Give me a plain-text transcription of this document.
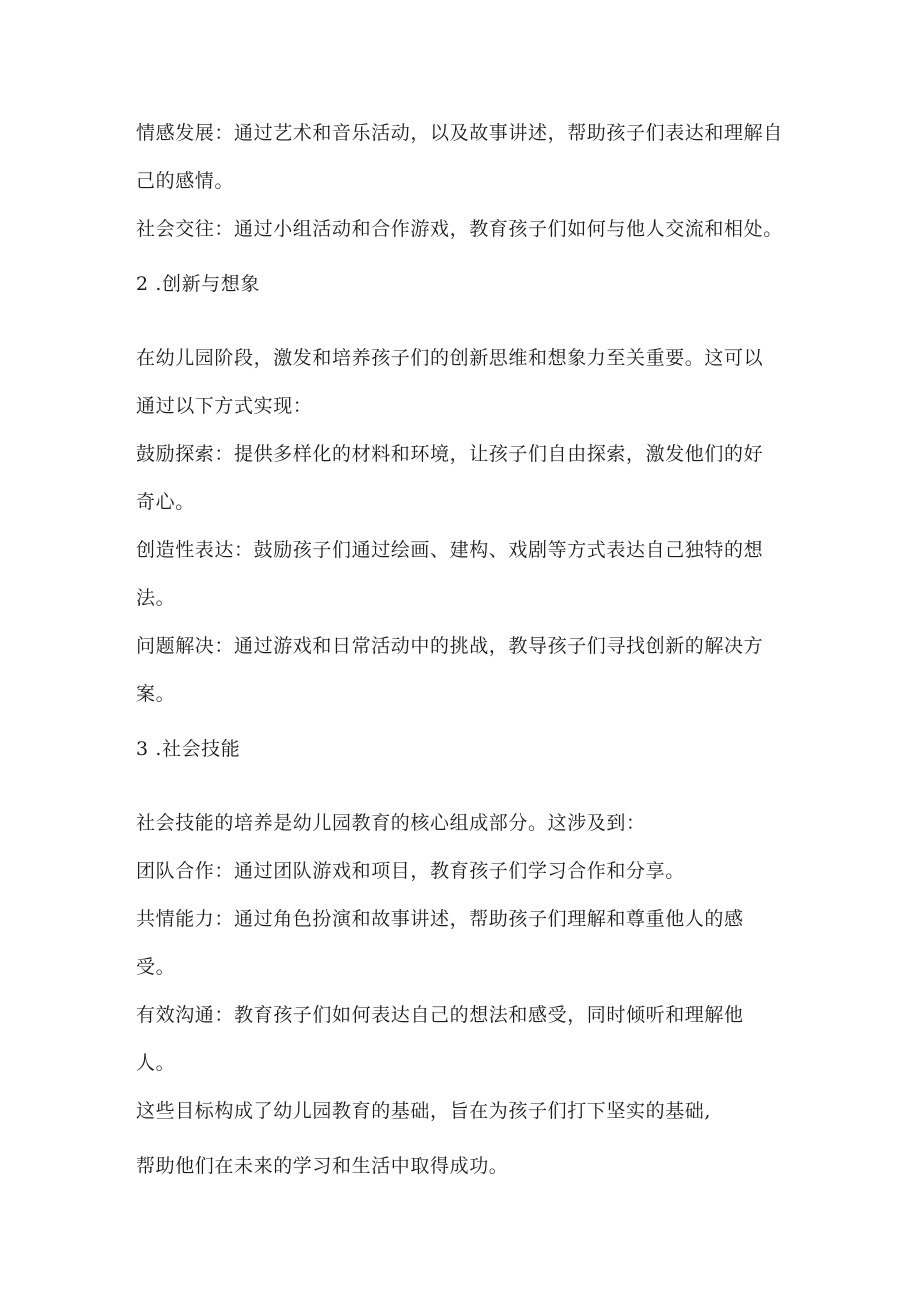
情感发展：通过艺术和音乐活动，以及故事讲述，帮助孩子们表达和理解自
己的感情。
社会交往：通过小组活动和合作游戏，教育孩子们如何与他人交流和相处。
2 .创新与想象
在幼儿园阶段，激发和培养孩子们的创新思维和想象力至关重要。这可以
通过以下方式实现：
鼓励探索：提供多样化的材料和环境，让孩子们自由探索，激发他们的好
奇心。
创造性表达：鼓励孩子们通过绘画、建构、戏剧等方式表达自己独特的想
法。
问题解决：通过游戏和日常活动中的挑战，教导孩子们寻找创新的解决方
案。
3 .社会技能
社会技能的培养是幼儿园教育的核心组成部分。这涉及到：
团队合作：通过团队游戏和项目，教育孩子们学习合作和分享。
共情能力：通过角色扮演和故事讲述，帮助孩子们理解和尊重他人的感
受。
有效沟通：教育孩子们如何表达自己的想法和感受，同时倾听和理解他
人。
这些目标构成了幼儿园教育的基础，旨在为孩子们打下坚实的基础,
帮助他们在未来的学习和生活中取得成功。
